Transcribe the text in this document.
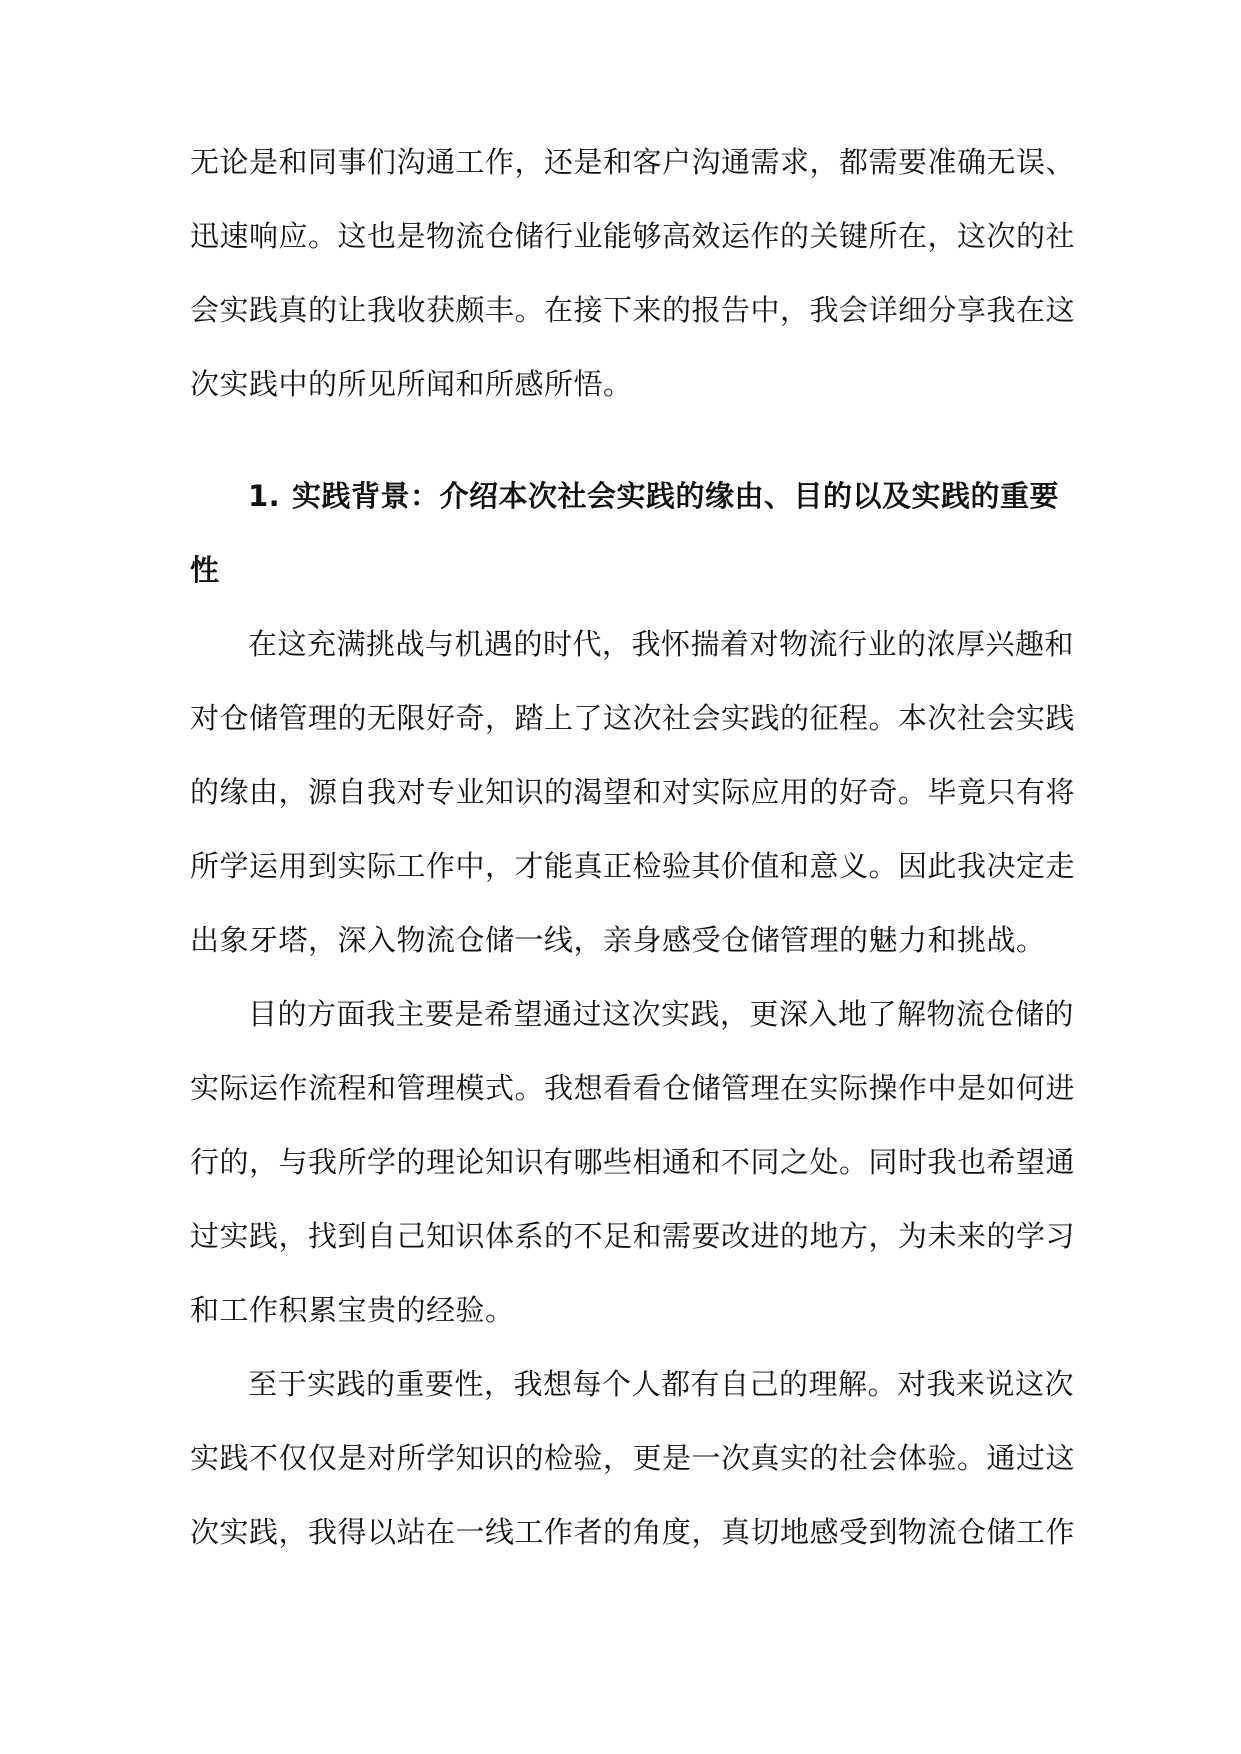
无论是和同事们沟通工作，还是和客户沟通需求，都需要准确无误、
迅速响应。这也是物流仓储行业能够高效运作的关键所在，这次的社
会实践真的让我收获颇丰。在接下来的报告中，我会详细分享我在这
次实践中的所见所闻和所感所悟。
1. 实践背景：介绍本次社会实践的缘由、目的以及实践的重要
性
在这充满挑战与机遇的时代，我怀揣着对物流行业的浓厚兴趣和
对仓储管理的无限好奇，踏上了这次社会实践的征程。本次社会实践
的缘由，源自我对专业知识的渴望和对实际应用的好奇。毕竟只有将
所学运用到实际工作中，才能真正检验其价值和意义。因此我决定走
出象牙塔，深入物流仓储一线，亲身感受仓储管理的魅力和挑战。
目的方面我主要是希望通过这次实践，更深入地了解物流仓储的
实际运作流程和管理模式。我想看看仓储管理在实际操作中是如何进
行的，与我所学的理论知识有哪些相通和不同之处。同时我也希望通
过实践，找到自己知识体系的不足和需要改进的地方，为未来的学习
和工作积累宝贵的经验。
至于实践的重要性，我想每个人都有自己的理解。对我来说这次
实践不仅仅是对所学知识的检验，更是一次真实的社会体验。通过这
次实践，我得以站在一线工作者的角度，真切地感受到物流仓储工作
